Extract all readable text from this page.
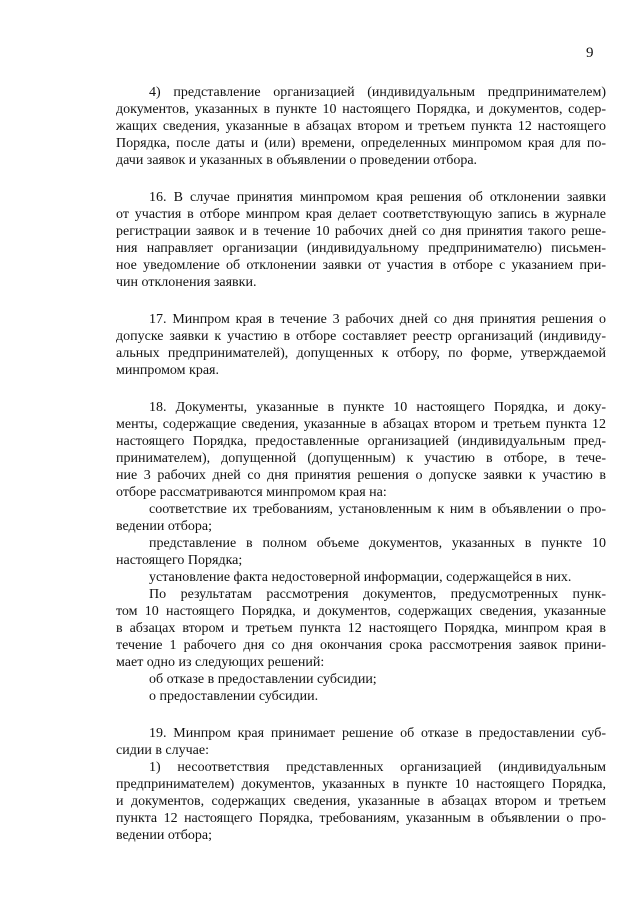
9
4) представление организацией (индивидуальным предпринимателем)
документов, указанных в пункте 10 настоящего Порядка, и документов, содер-
жащих сведения, указанные в абзацах втором и третьем пункта 12 настоящего
Порядка, после даты и (или) времени, определенных минпромом края для по-
дачи заявок и указанных в объявлении о проведении отбора.
16. В случае принятия минпромом края решения об отклонении заявки
от участия в отборе минпром края делает соответствующую запись в журнале
регистрации заявок и в течение 10 рабочих дней со дня принятия такого реше-
ния направляет организации (индивидуальному предпринимателю) письмен-
ное уведомление об отклонении заявки от участия в отборе с указанием при-
чин отклонения заявки.
17. Минпром края в течение 3 рабочих дней со дня принятия решения о
допуске заявки к участию в отборе составляет реестр организаций (индивиду-
альных предпринимателей), допущенных к отбору, по форме, утверждаемой
минпромом края.
18. Документы, указанные в пункте 10 настоящего Порядка, и доку-
менты, содержащие сведения, указанные в абзацах втором и третьем пункта 12
настоящего Порядка, предоставленные организацией (индивидуальным пред-
принимателем), допущенной (допущенным) к участию в отборе, в тече-
ние 3 рабочих дней со дня принятия решения о допуске заявки к участию в
отборе рассматриваются минпромом края на:
соответствие их требованиям, установленным к ним в объявлении о про-
ведении отбора;
представление в полном объеме документов, указанных в пункте 10
настоящего Порядка;
установление факта недостоверной информации, содержащейся в них.
По результатам рассмотрения документов, предусмотренных пунк-
том 10 настоящего Порядка, и документов, содержащих сведения, указанные
в абзацах втором и третьем пункта 12 настоящего Порядка, минпром края в
течение 1 рабочего дня со дня окончания срока рассмотрения заявок прини-
мает одно из следующих решений:
об отказе в предоставлении субсидии;
о предоставлении субсидии.
19. Минпром края принимает решение об отказе в предоставлении суб-
сидии в случае:
1) несоответствия представленных организацией (индивидуальным
предпринимателем) документов, указанных в пункте 10 настоящего Порядка,
и документов, содержащих сведения, указанные в абзацах втором и третьем
пункта 12 настоящего Порядка, требованиям, указанным в объявлении о про-
ведении отбора;
